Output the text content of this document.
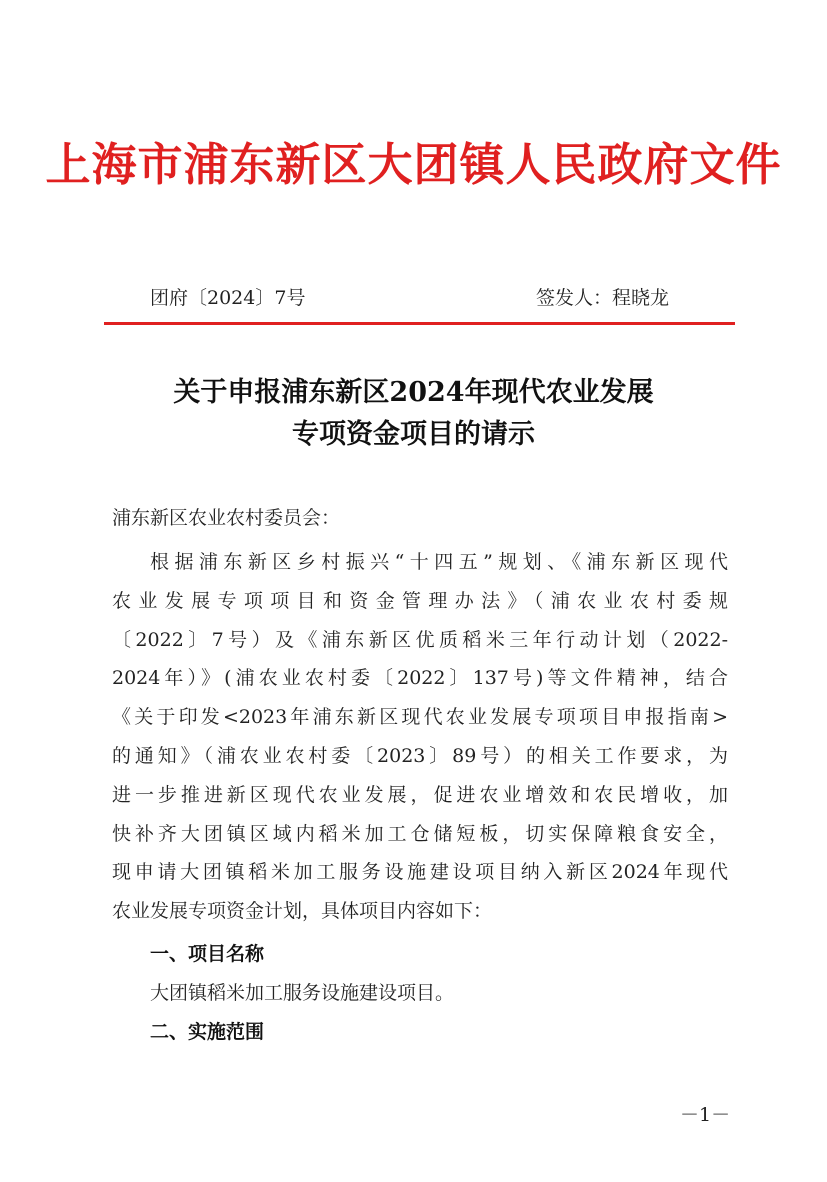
上海市浦东新区大团镇人民政府文件
团府〔2024〕7号	签发人：程晓龙
关于申报浦东新区2024年现代农业发展
专项资金项目的请示
浦东新区农业农村委员会：
根据浦东新区乡村振兴“十四五”规划、《浦东新区现代
农业发展专项项目和资金管理办法》（浦农业农村委规
〔2022〕7号）及《浦东新区优质稻米三年行动计划（2022-
2024年）》(浦农业农村委〔2022〕137号)等文件精神，结合
《关于印发<2023年浦东新区现代农业发展专项项目申报指南>
的通知》（浦农业农村委〔2023〕89号）的相关工作要求，为
进一步推进新区现代农业发展，促进农业增效和农民增收，加
快补齐大团镇区域内稻米加工仓储短板，切实保障粮食安全，
现申请大团镇稻米加工服务设施建设项目纳入新区2024年现代
农业发展专项资金计划，具体项目内容如下：
一、项目名称
大团镇稻米加工服务设施建设项目。
二、实施范围
－1－
